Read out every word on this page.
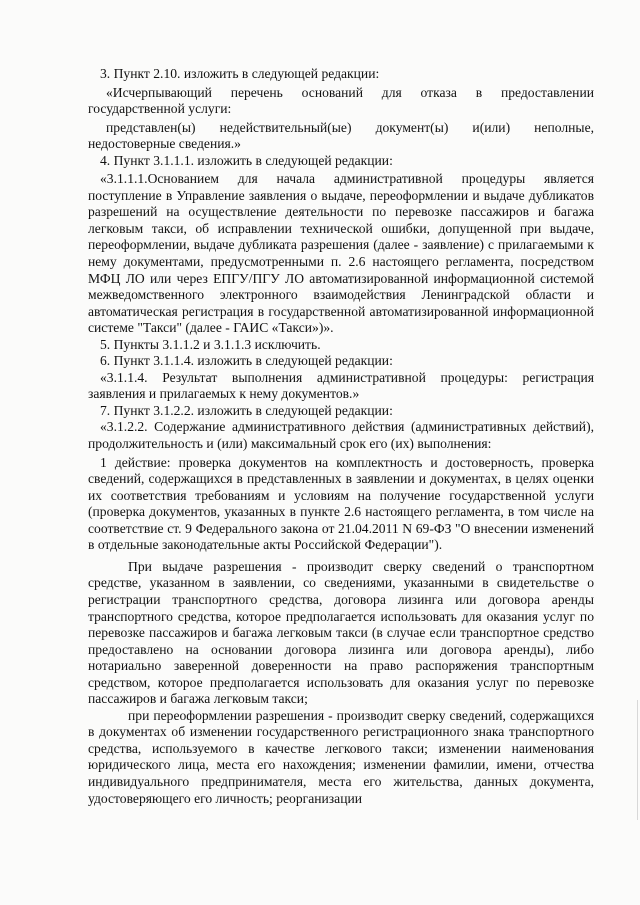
3. Пункт 2.10. изложить в следующей редакции:

«Исчерпывающий перечень оснований для отказа в предоставлении государственной услуги:

представлен(ы) недействительный(ые) документ(ы) и(или) неполные, недостоверные сведения.»

4. Пункт 3.1.1.1. изложить в следующей редакции:

«3.1.1.1.Основанием для начала административной процедуры является поступление в Управление заявления о выдаче, переоформлении и выдаче дубликатов разрешений на осуществление деятельности по перевозке пассажиров и багажа легковым такси, об исправлении технической ошибки, допущенной при выдаче, переоформлении, выдаче дубликата разрешения (далее - заявление) с прилагаемыми к нему документами, предусмотренными п. 2.6 настоящего регламента, посредством МФЦ ЛО или через ЕПГУ/ПГУ ЛО автоматизированной информационной системой межведомственного электронного взаимодействия Ленинградской области и автоматическая регистрация в государственной автоматизированной информационной системе "Такси" (далее - ГАИС «Такси»)».

5. Пункты 3.1.1.2 и 3.1.1.3 исключить.

6. Пункт 3.1.1.4. изложить в следующей редакции:

«3.1.1.4. Результат выполнения административной процедуры: регистрация заявления и прилагаемых к нему документов.»

7. Пункт 3.1.2.2. изложить в следующей редакции:

«3.1.2.2. Содержание административного действия (административных действий), продолжительность и (или) максимальный срок его (их) выполнения:

1 действие: проверка документов на комплектность и достоверность, проверка сведений, содержащихся в представленных в заявлении и документах, в целях оценки их соответствия требованиям и условиям на получение государственной услуги (проверка документов, указанных в пункте 2.6 настоящего регламента, в том числе на соответствие ст. 9 Федерального закона от 21.04.2011 N 69-ФЗ "О внесении изменений в отдельные законодательные акты Российской Федерации").

При выдаче разрешения - производит сверку сведений о транспортном средстве, указанном в заявлении, со сведениями, указанными в свидетельстве о регистрации транспортного средства, договора лизинга или договора аренды транспортного средства, которое предполагается использовать для оказания услуг по перевозке пассажиров и багажа легковым такси (в случае если транспортное средство предоставлено на основании договора лизинга или договора аренды), либо нотариально заверенной доверенности на право распоряжения транспортным средством, которое предполагается использовать для оказания услуг по перевозке пассажиров и багажа легковым такси;

при переоформлении разрешения - производит сверку сведений, содержащихся в документах об изменении государственного регистрационного знака транспортного средства, используемого в качестве легкового такси; изменении наименования юридического лица, места его нахождения; изменении фамилии, имени, отчества индивидуального предпринимателя, места его жительства, данных документа, удостоверяющего его личность; реорганизации
